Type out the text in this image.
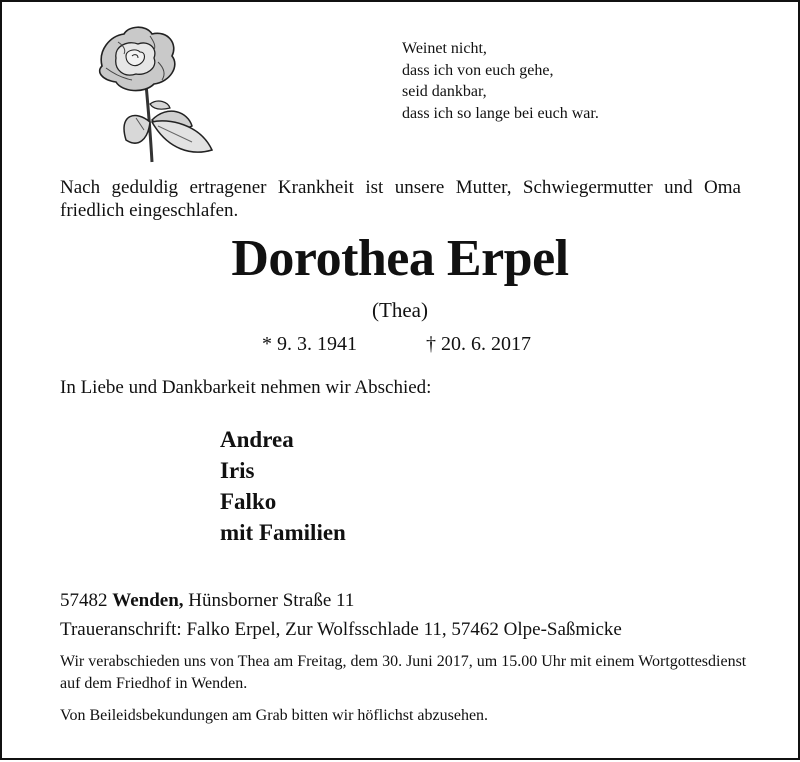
Weinet nicht,
dass ich von euch gehe,
seid dankbar,
dass ich so lange bei euch war.
Nach geduldig ertragener Krankheit ist unsere Mutter, Schwiegermutter und Oma friedlich eingeschlafen.
Dorothea Erpel
(Thea)
* 9. 3. 1941	† 20. 6. 2017
In Liebe und Dankbarkeit nehmen wir Abschied:
Andrea
Iris
Falko
mit Familien
57482 Wenden, Hünsborner Straße 11
Traueranschrift: Falko Erpel, Zur Wolfsschlade 11, 57462 Olpe-Saßmicke
Wir verabschieden uns von Thea am Freitag, dem 30. Juni 2017, um 15.00 Uhr mit einem Wortgottesdienst auf dem Friedhof in Wenden.
Von Beileidsbekundungen am Grab bitten wir höflichst abzusehen.
